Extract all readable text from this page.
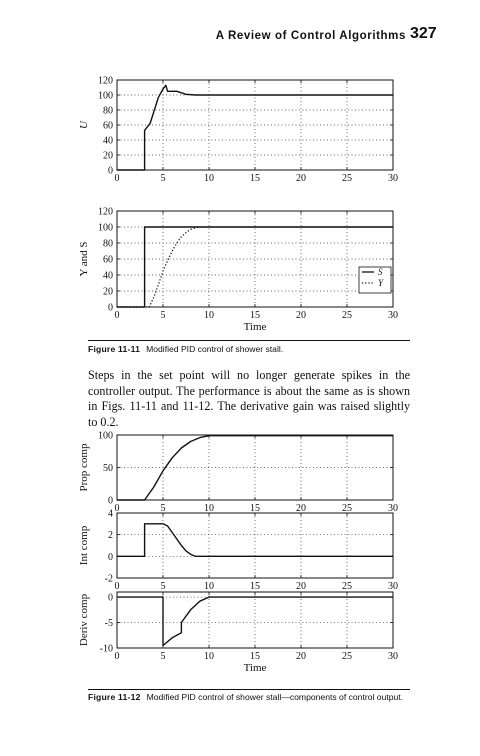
A Review of Control Algorithms 327
0	5	10	15	20	25	30
0
20
40
60
80
100
120
U
0	5	10	15	20	25	30
0
20
40
60
80
100
120
Y and S
Time
S
Y
Figure 11-11 Modified PID control of shower stall.
Steps in the set point will no longer generate spikes in the controller output. The performance is about the same as is shown in Figs. 11-11 and 11-12. The derivative gain was raised slightly to 0.2.
0	5	10	15	20	25	30
0
50
100
Prop comp
0	5	10	15	20	25	30
-2
0
2
4
Int comp
0	5	10	15	20	25	30
-10
-5
0
Deriv comp
Time
Figure 11-12 Modified PID control of shower stall—components of control output.
